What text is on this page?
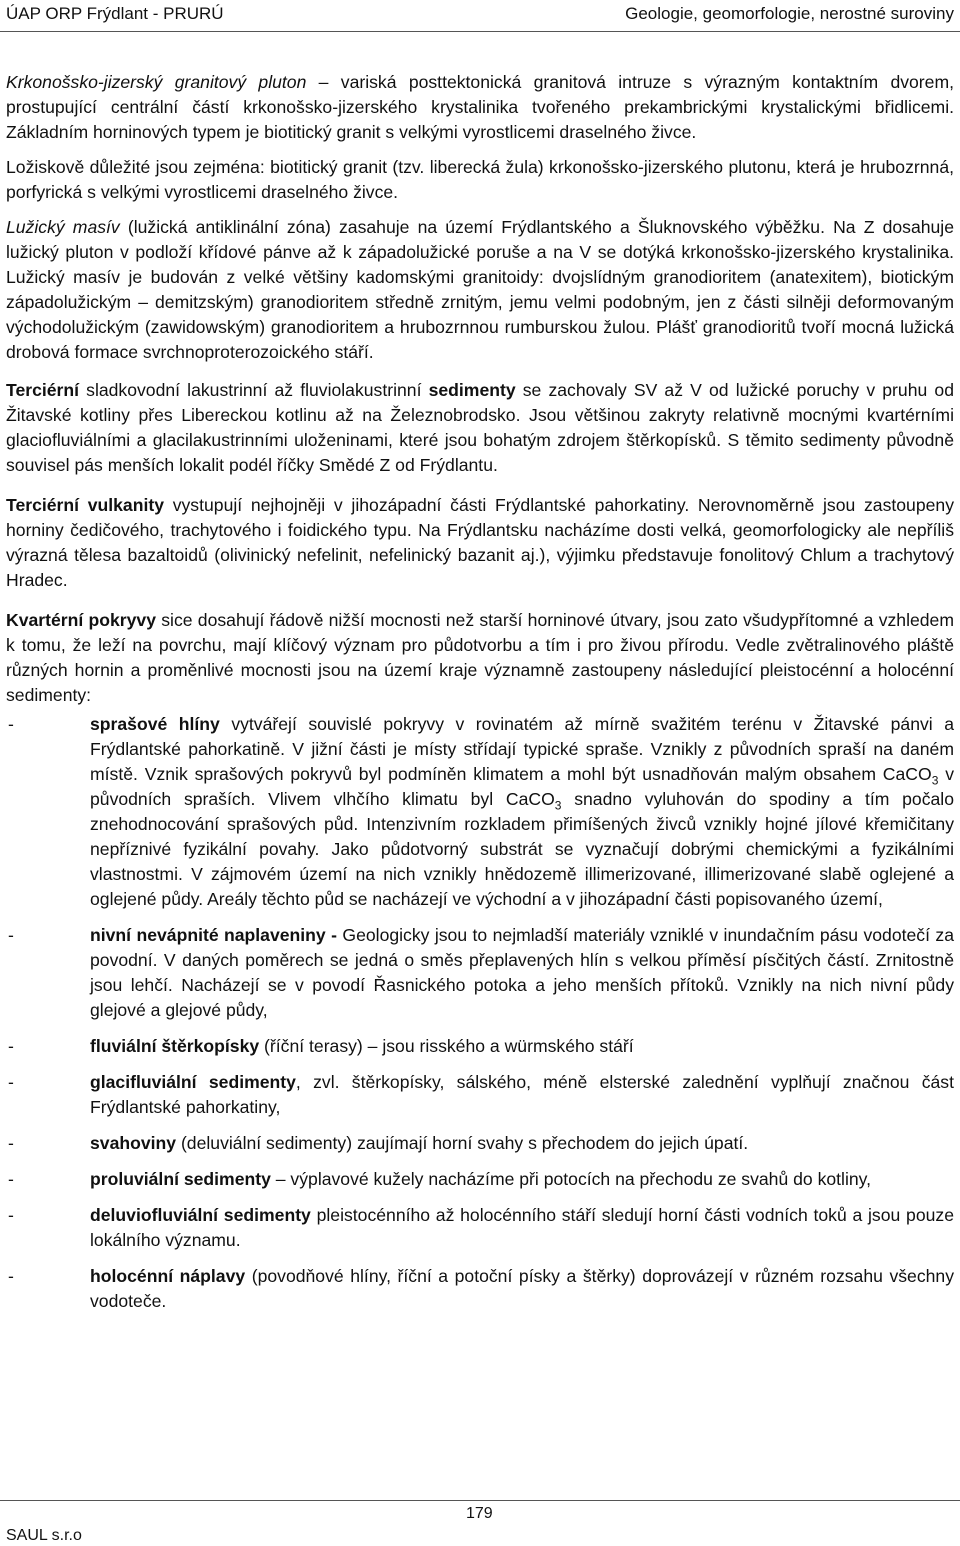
ÚAP ORP Frýdlant - PRURÚ	Geologie, geomorfologie, nerostné suroviny

Krkonošsko-jizerský granitový pluton – variská posttektonická granitová intruze s výrazným kontaktním dvorem, prostupující centrální částí krkonošsko-jizerského krystalinika tvořeného prekambrickými krystalickými břidlicemi. Základním horninových typem je biotitický granit s velkými vyrostlicemi draselného živce.

Ložiskově důležité jsou zejména: biotitický granit (tzv. liberecká žula) krkonošsko-jizerského plutonu, která je hrubozrnná, porfyrická s velkými vyrostlicemi draselného živce.

Lužický masív (lužická antiklinální zóna) zasahuje na území Frýdlantského a Šluknovského výběžku. Na Z dosahuje lužický pluton v podloží křídové pánve až k západolužické poruše a na V se dotýká krkonošsko-jizerského krystalinika. Lužický masív je budován z velké většiny kadomskými granitoidy: dvojslídným granodioritem (anatexitem), biotickým západolužickým – demitzským) granodioritem středně zrnitým, jemu velmi podobným, jen z části silněji deformovaným východolužickým (zawidowským) granodioritem a hrubozrnnou rumburskou žulou. Plášť granodioritů tvoří mocná lužická drobová formace svrchnoproterozoického stáří.

Terciérní sladkovodní lakustrinní až fluviolakustrinní sedimenty se zachovaly SV až V od lužické poruchy v pruhu od Žitavské kotliny přes Libereckou kotlinu až na Železnobrodsko. Jsou většinou zakryty relativně mocnými kvartérními glaciofluviálními a glacilakustrinními uloženinami, které jsou bohatým zdrojem štěrkopísků. S těmito sedimenty původně souvisel pás menších lokalit podél říčky Smědé Z od Frýdlantu.

Terciérní vulkanity vystupují nejhojněji v jihozápadní části Frýdlantské pahorkatiny. Nerovnoměrně jsou zastoupeny horniny čedičového, trachytového i foidického typu. Na Frýdlantsku nacházíme dosti velká, geomorfologicky ale nepříliš výrazná tělesa bazaltoidů (olivinický nefelinit, nefelinický bazanit aj.), výjimku představuje fonolitový Chlum a trachytový Hradec.

Kvartérní pokryvy sice dosahují řádově nižší mocnosti než starší horninové útvary, jsou zato všudypřítomné a vzhledem k tomu, že leží na povrchu, mají klíčový význam pro půdotvorbu a tím i pro živou přírodu. Vedle zvětralinového pláště různých hornin a proměnlivé mocnosti jsou na území kraje významně zastoupeny následující pleistocénní a holocénní sedimenty:

-	sprašové hlíny vytvářejí souvislé pokryvy v rovinatém až mírně svažitém terénu v Žitavské pánvi a Frýdlantské pahorkatině. V jižní části je místy střídají typické spraše. Vznikly z původních spraší na daném místě. Vznik sprašových pokryvů byl podmíněn klimatem a mohl být usnadňován malým obsahem CaCO$_3$ v původních spraších. Vlivem vlhčího klimatu byl CaCO$_3$ snadno vyluhován do spodiny a tím počalo znehodnocování sprašových půd. Intenzivním rozkladem přimíšených živců vznikly hojné jílové křemičitany nepříznivé fyzikální povahy. Jako půdotvorný substrát se vyznačují dobrými chemickými a fyzikálními vlastnostmi. V zájmovém území na nich vznikly hnědozemě illimerizované, illimerizované slabě oglejené a oglejené půdy. Areály těchto půd se nacházejí ve východní a v jihozápadní části popisovaného území,
-	nivní nevápnité naplaveniny - Geologicky jsou to nejmladší materiály vzniklé v inundačním pásu vodotečí za povodní. V daných poměrech se jedná o směs přeplavených hlín s velkou příměsí písčitých částí. Zrnitostně jsou lehčí. Nacházejí se v povodí Řasnického potoka a jeho menších přítoků. Vznikly na nich nivní půdy glejové a glejové půdy,
-	fluviální štěrkopísky (říční terasy) – jsou risského a würmského stáří
-	glacifluviální sedimenty, zvl. štěrkopísky, sálského, méně elsterské zalednění vyplňují značnou část Frýdlantské pahorkatiny,
-	svahoviny (deluviální sedimenty) zaujímají horní svahy s přechodem do jejich úpatí.
-	proluviální sedimenty – výplavové kužely nacházíme při potocích na přechodu ze svahů do kotliny,
-	deluviofluviální sedimenty pleistocénního až holocénního stáří sledují horní části vodních toků a jsou pouze lokálního významu.
-	holocénní náplavy (povodňové hlíny, říční a potoční písky a štěrky) doprovázejí v různém rozsahu všechny vodoteče.
SAUL s.r.o
179
